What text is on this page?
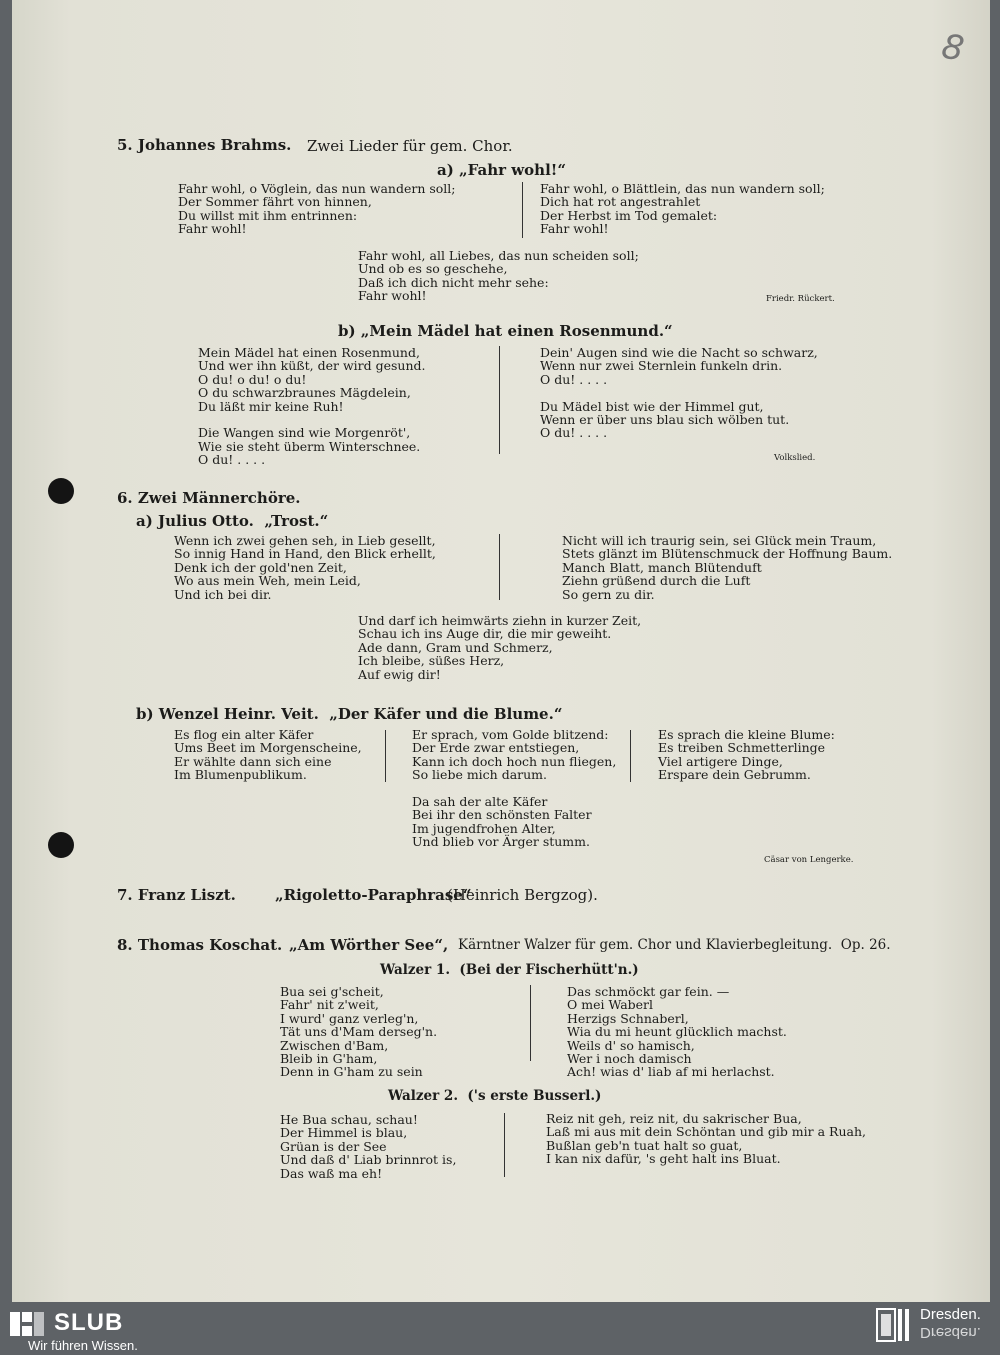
8
5. Johannes Brahms. Zwei Lieder für gem. Chor.
a) „Fahr wohl!“
Fahr wohl, o Vöglein, das nun wandern soll;
Der Sommer fährt von hinnen,
Du willst mit ihm entrinnen:
Fahr wohl!
Fahr wohl, o Blättlein, das nun wandern soll;
Dich hat rot angestrahlet
Der Herbst im Tod gemalet:
Fahr wohl!
Fahr wohl, all Liebes, das nun scheiden soll;
Und ob es so geschehe,
Daß ich dich nicht mehr sehe:
Fahr wohl!	Friedr. Rückert.
b) „Mein Mädel hat einen Rosenmund.“
Mein Mädel hat einen Rosenmund,
Und wer ihn küßt, der wird gesund.
O du! o du! o du!
O du schwarzbraunes Mägdelein,
Du läßt mir keine Ruh!

Die Wangen sind wie Morgenröt',
Wie sie steht überm Winterschnee.
O du! . . . .
Dein' Augen sind wie die Nacht so schwarz,
Wenn nur zwei Sternlein funkeln drin.
O du! . . . .

Du Mädel bist wie der Himmel gut,
Wenn er über uns blau sich wölben tut.
O du! . . . .
Volkslied.
6. Zwei Männerchöre.
a) Julius Otto.  „Trost.“
Wenn ich zwei gehen seh, in Lieb gesellt,
So innig Hand in Hand, den Blick erhellt,
Denk ich der gold'nen Zeit,
Wo aus mein Weh, mein Leid,
Und ich bei dir.
Nicht will ich traurig sein, sei Glück mein Traum,
Stets glänzt im Blütenschmuck der Hoffnung Baum.
Manch Blatt, manch Blütenduft
Ziehn grüßend durch die Luft
So gern zu dir.
Und darf ich heimwärts ziehn in kurzer Zeit,
Schau ich ins Auge dir, die mir geweiht.
Ade dann, Gram und Schmerz,
Ich bleibe, süßes Herz,
Auf ewig dir!
b) Wenzel Heinr. Veit.  „Der Käfer und die Blume.“
Es flog ein alter Käfer
Ums Beet im Morgenscheine,
Er wählte dann sich eine
Im Blumenpublikum.
Er sprach, vom Golde blitzend:
Der Erde zwar entstiegen,
Kann ich doch hoch nun fliegen,
So liebe mich darum.
Es sprach die kleine Blume:
Es treiben Schmetterlinge
Viel artigere Dinge,
Erspare dein Gebrumm.
Da sah der alte Käfer
Bei ihr den schönsten Falter
Im jugendfrohen Alter,
Und blieb vor Ärger stumm.
Cäsar von Lengerke.
7. Franz Liszt.	„Rigoletto-Paraphrase“
(Heinrich Bergzog).
8. Thomas Koschat. „Am Wörther See“, Kärntner Walzer für gem. Chor und Klavierbegleitung.  Op. 26.
Walzer 1.  (Bei der Fischerhütt'n.)
Bua sei g'scheit,
Fahr' nit z'weit,
I wurd' ganz verleg'n,
Tät uns d'Mam derseg'n.
Zwischen d'Bam,
Bleib in G'ham,
Denn in G'ham zu sein
Das schmöckt gar fein. —
O mei Waberl
Herzigs Schnaberl,
Wia du mi heunt glücklich machst.
Weils d' so hamisch,
Wer i noch damisch
Ach! wias d' liab af mi herlachst.
Walzer 2.  ('s erste Busserl.)
He Bua schau, schau!
Der Himmel is blau,
Grüan is der See
Und daß d' Liab brinnrot is,
Das waß ma eh!
Reiz nit geh, reiz nit, du sakrischer Bua,
Laß mi aus mit dein Schöntan und gib mir a Ruah,
Bußlan geb'n tuat halt so guat,
I kan nix dafür, 's geht halt ins Bluat.
SLUB
Wir führen Wissen.
Dresden.
Dresden.
